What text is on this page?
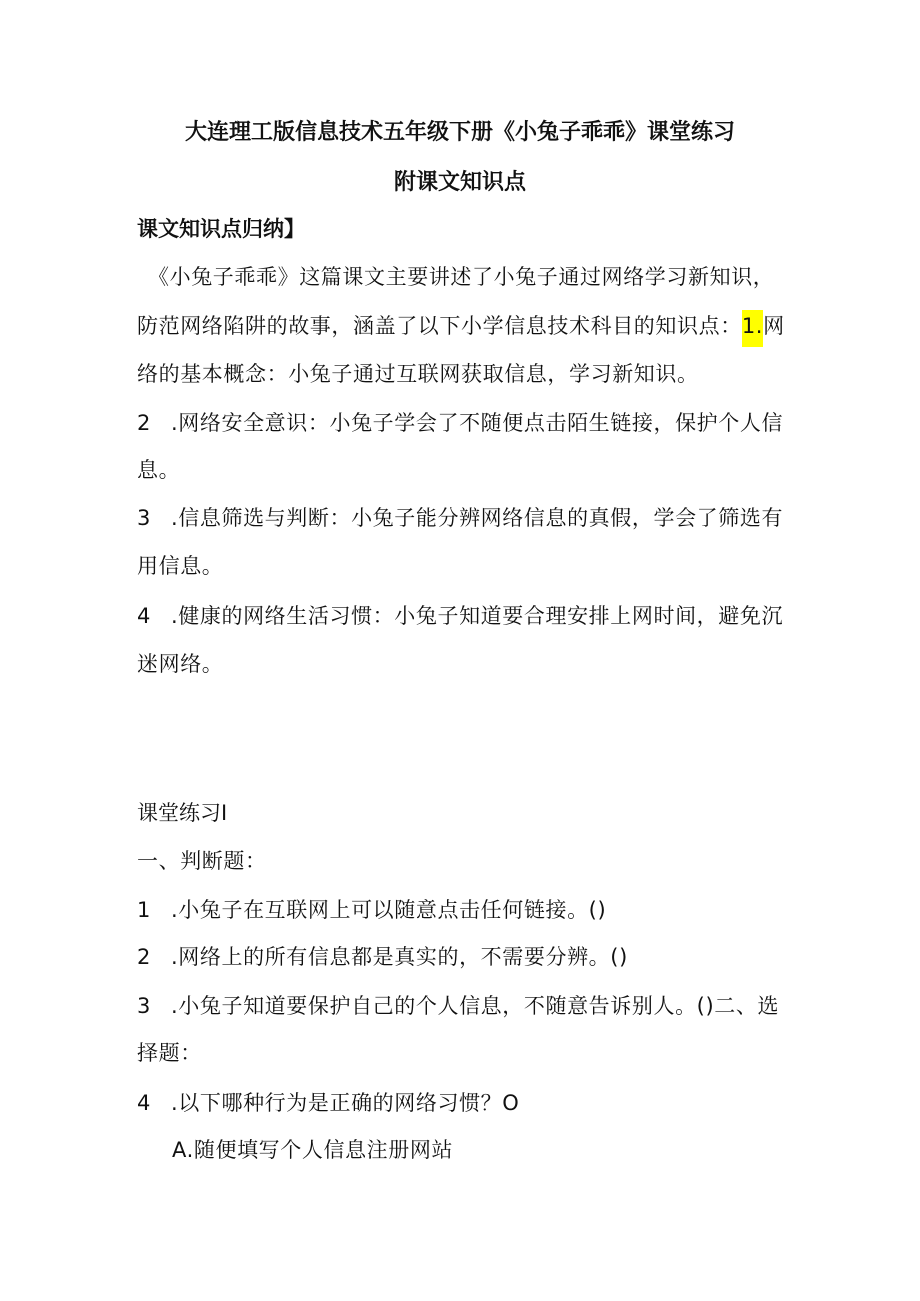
大连理工版信息技术五年级下册《小兔子乖乖》课堂练习
附课文知识点
课文知识点归纳】
《小兔子乖乖》这篇课文主要讲述了小兔子通过网络学习新知识，
防范网络陷阱的故事，涵盖了以下小学信息技术科目的知识点：1.网
络的基本概念：小兔子通过互联网获取信息，学习新知识。
2 .网络安全意识：小兔子学会了不随便点击陌生链接，保护个人信
息。
3 .信息筛选与判断：小兔子能分辨网络信息的真假，学会了筛选有
用信息。
4 .健康的网络生活习惯：小兔子知道要合理安排上网时间，避免沉
迷网络。
课堂练习I
一、判断题：
1 .小兔子在互联网上可以随意点击任何链接。()
2 .网络上的所有信息都是真实的，不需要分辨。()
3 .小兔子知道要保护自己的个人信息，不随意告诉别人。()二、选
择题：
4 .以下哪种行为是正确的网络习惯？O
A.随便填写个人信息注册网站
